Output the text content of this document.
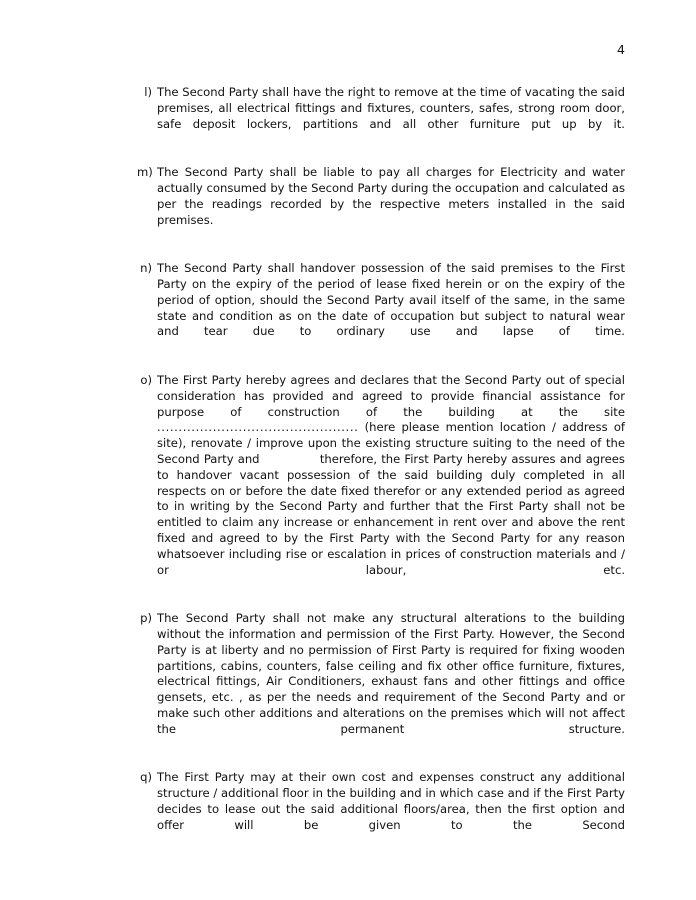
4
l) The Second Party shall have the right to remove at the time of vacating the said premises, all electrical fittings and fixtures, counters, safes, strong room door, safe deposit lockers, partitions and all other furniture put up by it.
m) The Second Party shall be liable to pay all charges for Electricity and water actually consumed by the Second Party during the occupation and calculated as per the readings recorded by the respective meters installed in the said premises.
n) The Second Party shall handover possession of the said premises to the First Party on the expiry of the period of lease fixed herein or on the expiry of the period of option, should the Second Party avail itself of the same, in the same state and condition as on the date of occupation but subject to natural wear and tear due to ordinary use and lapse of time.
o) The First Party hereby agrees and declares that the Second Party out of special consideration has provided and agreed to provide financial assistance for purpose of construction of the building at the site ............................................... (here please mention location / address of site), renovate / improve upon the existing structure suiting to the need of the Second Party and	therefore, the First Party hereby assures and agrees to handover vacant possession of the said building duly completed in all respects on or before the date fixed therefor or any extended period as agreed to in writing by the Second Party and further that the First Party shall not be entitled to claim any increase or enhancement in rent over and above the rent fixed and agreed to by the First Party with the Second Party for any reason whatsoever including rise or escalation in prices of construction materials and / or labour, etc.
p) The Second Party shall not make any structural alterations to the building without the information and permission of the First Party. However, the Second Party is at liberty and no permission of First Party is required for fixing wooden partitions, cabins, counters, false ceiling and fix other office furniture, fixtures, electrical fittings, Air Conditioners, exhaust fans and other fittings and office gensets, etc. , as per the needs and requirement of the Second Party and or make such other additions and alterations on the premises which will not affect the permanent structure.
q) The First Party may at their own cost and expenses construct any additional structure / additional floor in the building and in which case and if the First Party decides to lease out the said additional floors/area, then the first option and offer will be given to the Second
